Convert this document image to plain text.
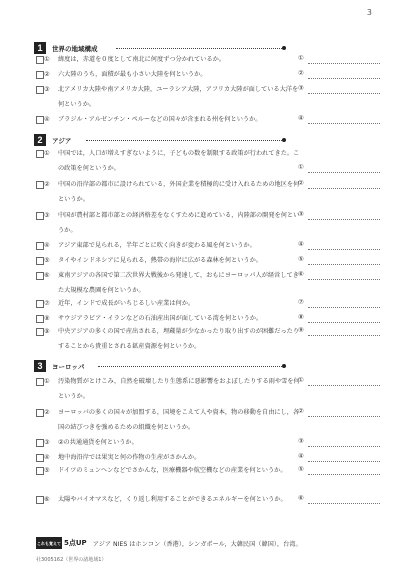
3
1	世界の地域構成
① 緯度は，赤道を０度として南北に何度ずつ分かれているか。	①
② 六大陸のうち，面積が最も小さい大陸を何というか。	②
③ 北アメリカ大陸や南アメリカ大陸，ユーラシア大陸，アフリカ大陸が面している大洋を何というか。
③
④ ブラジル・アルゼンチン・ペルーなどの国々が含まれる州を何というか。	④
2	アジア
① 中国では，人口が増えすぎないように，子どもの数を制限する政策が行われてきた。この政策を何というか。	①
② 中国の沿岸部の都市に設けられている，外国企業を積極的に受け入れるための地区を何というか。
②
③ 中国が農村部と都市部との経済格差をなくすために進めている，内陸部の開発を何というか。
③
④ アジア東部で見られる，半年ごとに吹く向きが変わる風を何というか。	④
⑤ タイやインドネシアに見られる，熱帯の海岸に広がる森林を何というか。	⑤
⑥ 東南アジアの各国で第二次世界大戦後から発達して，おもにヨーロッパ人が経営してきた大規模な農園を何というか。
⑥
⑦ 近年，インドで成長がいちじるしい産業は何か。	⑦
⑧ サウジアラビア・イランなどの石油産出国が面している湾を何というか。	⑧
⑨ 中央アジアの多くの国で産出される，埋蔵量が少なかったり取り出すのが困難だったりすることから貴重とされる鉱産資源を何というか。
⑨
3	ヨーロッパ
① 汚染物質がとけこみ，自然を破壊したり生態系に悪影響をおよぼしたりする雨や雪を何というか。
①
② ヨーロッパの多くの国々が加盟する，国境をこえて人や資本，物の移動を自由にし，各国の結びつきを強めるための組織を何というか。
②
③ ②の共通通貨を何というか。	③
④ 地中海沿岸では果実と何の作物の生産がさかんか。	④
⑤ ドイツのミュンヘンなどでさかんな，医療機器や航空機などの産業を何というか。	⑤
⑥ 太陽やバイオマスなど，くり返し利用することができるエネルギーを何というか。	⑥
これも覚えて 5点UP アジア NIES はホンコン（香港），シンガポール，大韓民国（韓国），台湾。
社3005162（世界の諸地域1）
